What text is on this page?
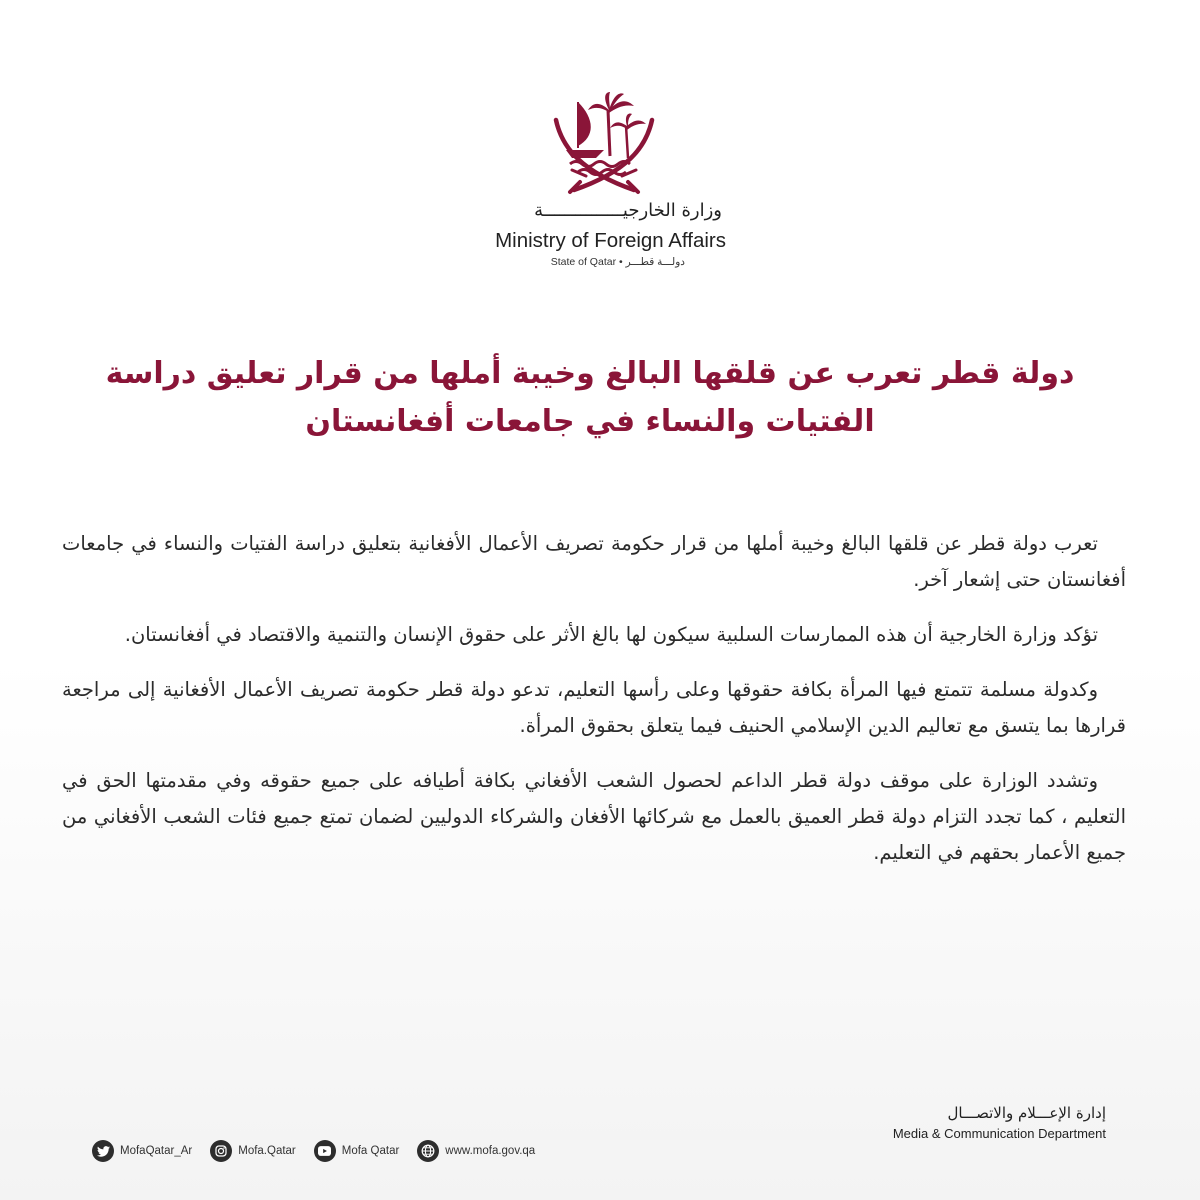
وزارة الخارجيـــــــــــــــة
Ministry of Foreign Affairs
State of Qatar • دولـــة قطـــر
دولة قطر تعرب عن قلقها البالغ وخيبة أملها من قرار تعليق دراسة الفتيات والنساء في جامعات أفغانستان

تعرب دولة قطر عن قلقها البالغ وخيبة أملها من قرار حكومة تصريف الأعمال الأفغانية بتعليق دراسة الفتيات والنساء في جامعات أفغانستان حتى إشعار آخر.

تؤكد وزارة الخارجية أن هذه الممارسات السلبية سيكون لها بالغ الأثر على حقوق الإنسان والتنمية والاقتصاد في أفغانستان.

وكدولة مسلمة تتمتع فيها المرأة بكافة حقوقها وعلى رأسها التعليم، تدعو دولة قطر حكومة تصريف الأعمال الأفغانية إلى مراجعة قرارها بما يتسق مع تعاليم الدين الإسلامي الحنيف فيما يتعلق بحقوق المرأة.

وتشدد الوزارة على موقف دولة قطر الداعم لحصول الشعب الأفغاني بكافة أطيافه على جميع حقوقه وفي مقدمتها الحق في التعليم ، كما تجدد التزام دولة قطر العميق بالعمل مع شركائها الأفغان والشركاء الدوليين لضمان تمتع جميع فئات الشعب الأفغاني من جميع الأعمار بحقهم في التعليم.

MofaQatar_Ar	Mofa.Qatar	Mofa Qatar	www.mofa.gov.qa
إدارة الإعـــلام والاتصـــال
Media & Communication Department
